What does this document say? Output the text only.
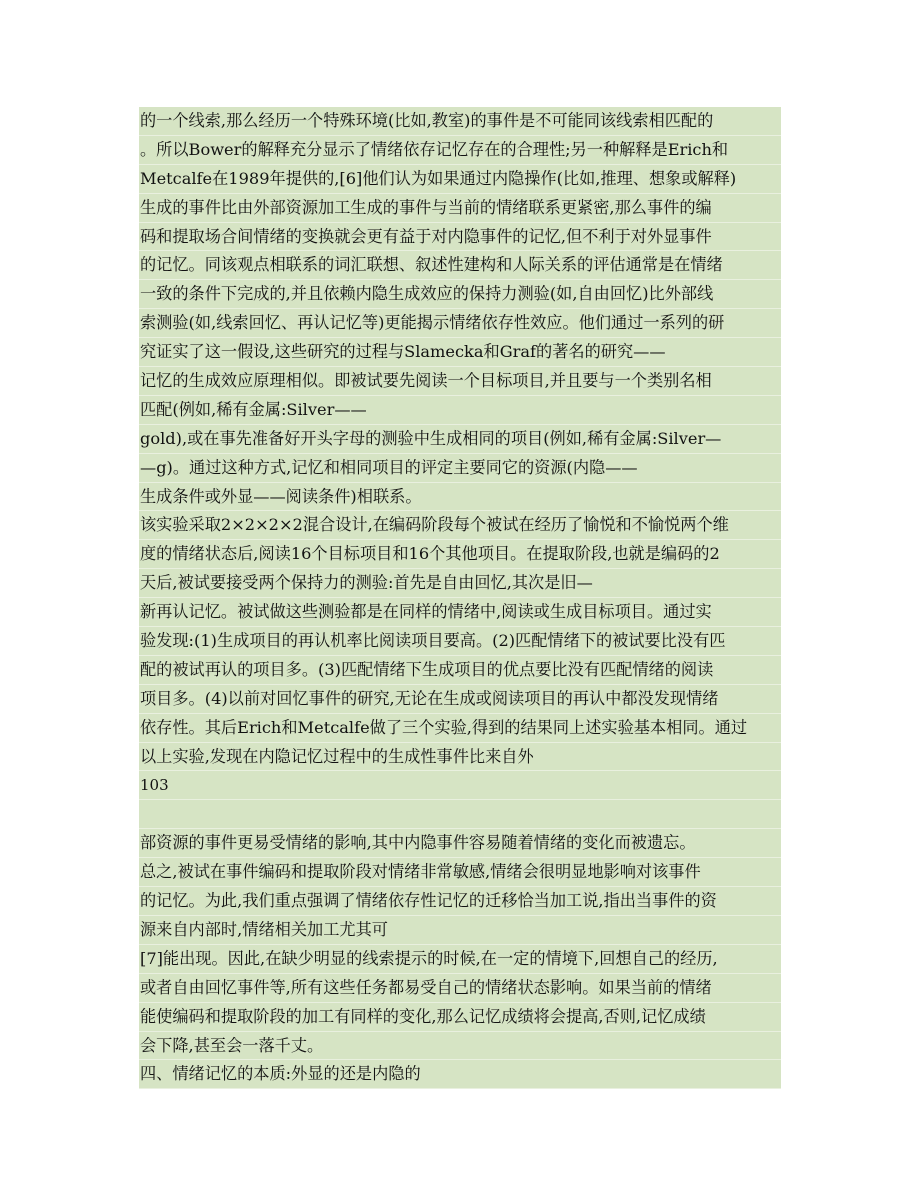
的一个线索,那么经历一个特殊环境(比如,教室)的事件是不可能同该线索相匹配的
。所以Bower的解释充分显示了情绪依存记忆存在的合理性;另一种解释是Erich和
Metcalfe在1989年提供的,[6]他们认为如果通过内隐操作(比如,推理、想象或解释)
生成的事件比由外部资源加工生成的事件与当前的情绪联系更紧密,那么事件的编
码和提取场合间情绪的变换就会更有益于对内隐事件的记忆,但不利于对外显事件
的记忆。同该观点相联系的词汇联想、叙述性建构和人际关系的评估通常是在情绪
一致的条件下完成的,并且依赖内隐生成效应的保持力测验(如,自由回忆)比外部线
索测验(如,线索回忆、再认记忆等)更能揭示情绪依存性效应。他们通过一系列的研
究证实了这一假设,这些研究的过程与Slamecka和Graf的著名的研究——
记忆的生成效应原理相似。即被试要先阅读一个目标项目,并且要与一个类别名相
匹配(例如,稀有金属:Silver——
gold),或在事先准备好开头字母的测验中生成相同的项目(例如,稀有金属:Silver—
—g)。通过这种方式,记忆和相同项目的评定主要同它的资源(内隐——
生成条件或外显——阅读条件)相联系。
该实验采取2×2×2×2混合设计,在编码阶段每个被试在经历了愉悦和不愉悦两个维
度的情绪状态后,阅读16个目标项目和16个其他项目。在提取阶段,也就是编码的2
天后,被试要接受两个保持力的测验:首先是自由回忆,其次是旧—
新再认记忆。被试做这些测验都是在同样的情绪中,阅读或生成目标项目。通过实
验发现:(1)生成项目的再认机率比阅读项目要高。(2)匹配情绪下的被试要比没有匹
配的被试再认的项目多。(3)匹配情绪下生成项目的优点要比没有匹配情绪的阅读
项目多。(4)以前对回忆事件的研究,无论在生成或阅读项目的再认中都没发现情绪
依存性。其后Erich和Metcalfe做了三个实验,得到的结果同上述实验基本相同。通过
以上实验,发现在内隐记忆过程中的生成性事件比来自外
103
部资源的事件更易受情绪的影响,其中内隐事件容易随着情绪的变化而被遗忘。
总之,被试在事件编码和提取阶段对情绪非常敏感,情绪会很明显地影响对该事件
的记忆。为此,我们重点强调了情绪依存性记忆的迁移恰当加工说,指出当事件的资
源来自内部时,情绪相关加工尤其可
[7]能出现。因此,在缺少明显的线索提示的时候,在一定的情境下,回想自己的经历,
或者自由回忆事件等,所有这些任务都易受自己的情绪状态影响。如果当前的情绪
能使编码和提取阶段的加工有同样的变化,那么记忆成绩将会提高,否则,记忆成绩
会下降,甚至会一落千丈。
四、情绪记忆的本质:外显的还是内隐的
